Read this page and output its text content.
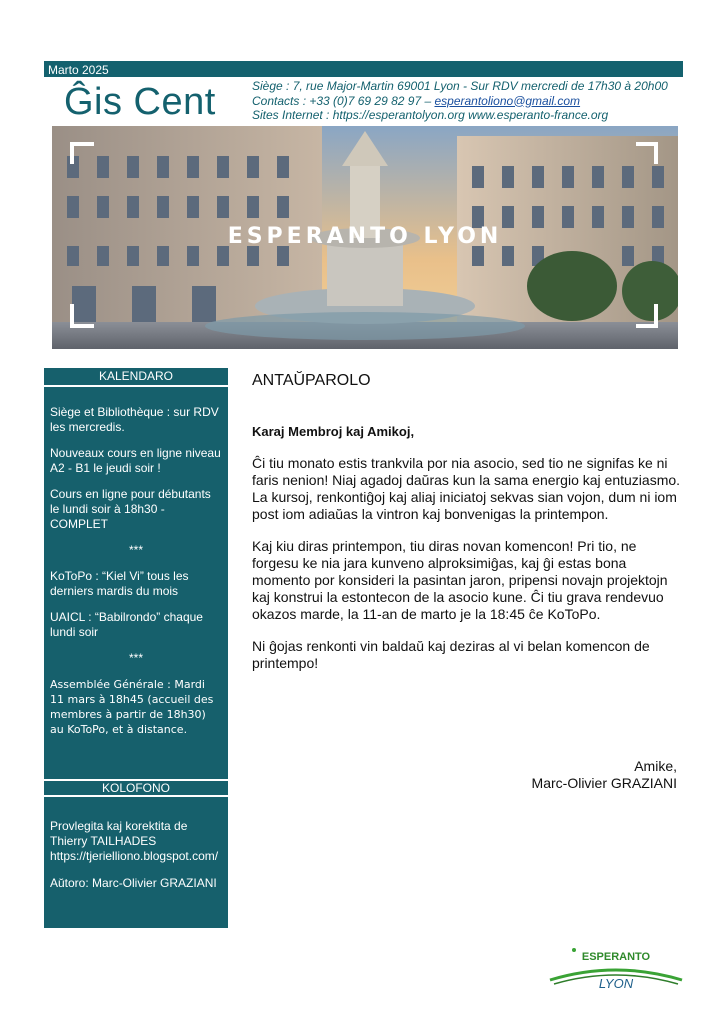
Marto 2025
Ĝis Cent	Siège : 7, rue Major-Martin 69001 Lyon - Sur RDV mercredi de 17h30 à 20h00
Contacts : +33 (0)7 69 29 82 97 – esperantoliono@gmail.com
Sites Internet : https://esperantolyon.org www.esperanto-france.org
ESPERANTO LYON
KALENDARO

Siège et Bibliothèque : sur RDV les mercredis.

Nouveaux cours en ligne niveau A2 - B1 le jeudi soir !

Cours en ligne pour débutants le lundi soir à 18h30 - COMPLET

***

KoToPo : “Kiel Vi” tous les derniers mardis du mois

UAICL : “Babilrondo” chaque lundi soir

***

Assemblée Générale : Mardi 11 mars à 18h45 (accueil des membres à partir de 18h30) au KoToPo, et à distance.

KOLOFONO

Provlegita kaj korektita de Thierry TAILHADES https://tjerielliono.blogspot.com/

Aŭtoro: Marc-Olivier GRAZIANI

ANTAŬPAROLO

Karaj Membroj kaj Amikoj,

Ĉi tiu monato estis trankvila por nia asocio, sed tio ne signifas ke ni faris nenion! Niaj agadoj daŭras kun la sama energio kaj entuziasmo. La kursoj, renkontiĝoj kaj aliaj iniciatoj sekvas sian vojon, dum ni iom post iom adiaŭas la vintron kaj bonvenigas la printempon.

Kaj kiu diras printempon, tiu diras novan komencon! Pri tio, ne forgesu ke nia jara kunveno alproksimiĝas, kaj ĝi estas bona momento por konsideri la pasintan jaron, pripensi novajn projektojn kaj konstrui la estontecon de la asocio kune. Ĉi tiu grava rendevuo okazos marde, la 11-an de marto je la 18:45 ĉe KoToPo.

Ni ĝojas renkonti vin baldaŭ kaj deziras al vi belan komencon de printempo!

Amike,
Marc-Olivier GRAZIANI
ESPERANTO
LYON
